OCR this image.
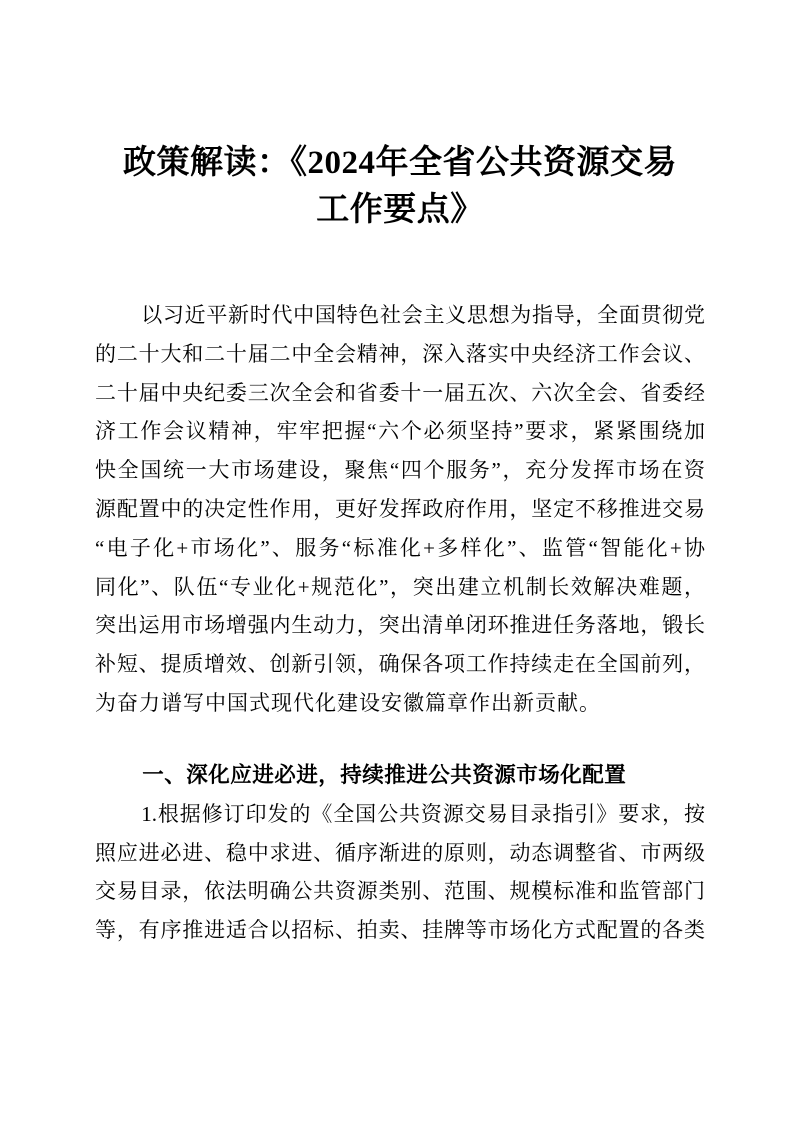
政策解读：《2024年全省公共资源交易
工作要点》
以习近平新时代中国特色社会主义思想为指导，全面贯彻党
的二十大和二十届二中全会精神，深入落实中央经济工作会议、
二十届中央纪委三次全会和省委十一届五次、六次全会、省委经
济工作会议精神，牢牢把握“六个必须坚持”要求，紧紧围绕加
快全国统一大市场建设，聚焦“四个服务”，充分发挥市场在资
源配置中的决定性作用，更好发挥政府作用，坚定不移推进交易
“电子化+市场化”、服务“标准化+多样化”、监管“智能化+协
同化”、队伍“专业化+规范化”，突出建立机制长效解决难题，
突出运用市场增强内生动力，突出清单闭环推进任务落地，锻长
补短、提质增效、创新引领，确保各项工作持续走在全国前列，
为奋力谱写中国式现代化建设安徽篇章作出新贡献。
一、深化应进必进，持续推进公共资源市场化配置
1.根据修订印发的《全国公共资源交易目录指引》要求，按
照应进必进、稳中求进、循序渐进的原则，动态调整省、市两级
交易目录，依法明确公共资源类别、范围、规模标准和监管部门
等，有序推进适合以招标、拍卖、挂牌等市场化方式配置的各类
